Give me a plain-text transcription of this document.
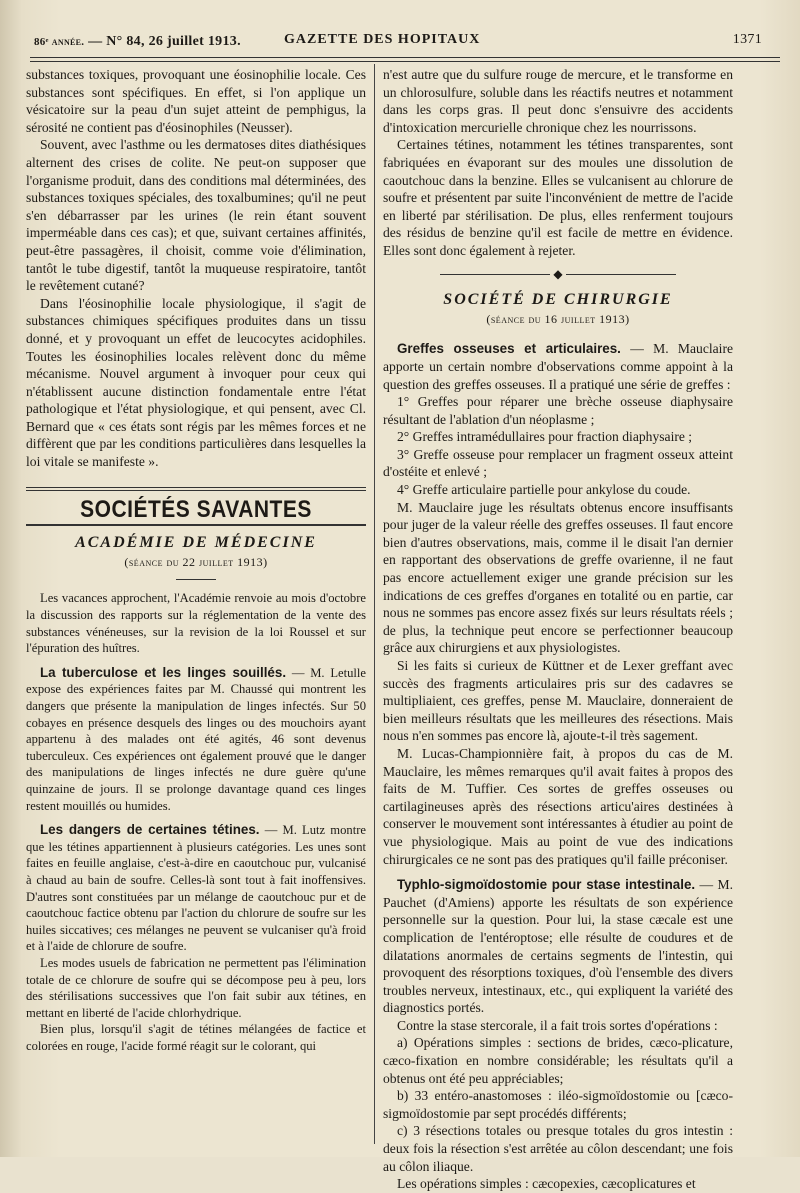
86ᵉ année. — N° 84, 26 juillet 1913.	GAZETTE DES HOPITAUX	1371

substances toxiques, provoquant une éosinophilie locale. Ces substances sont spécifiques. En effet, si l'on applique un vésicatoire sur la peau d'un sujet atteint de pemphigus, la sérosité ne contient pas d'éosinophiles (Neusser).

Souvent, avec l'asthme ou les dermatoses dites diathésiques alternent des crises de colite. Ne peut-on supposer que l'organisme produit, dans des conditions mal déterminées, des substances toxiques spéciales, des toxalbumines; qu'il ne peut s'en débarrasser par les urines (le rein étant souvent imperméable dans ces cas); et que, suivant certaines affinités, peut-être passagères, il choisit, comme voie d'élimination, tantôt le tube digestif, tantôt la muqueuse respiratoire, tantôt le revêtement cutané?

Dans l'éosinophilie locale physiologique, il s'agit de substances chimiques spécifiques produites dans un tissu donné, et y provoquant un effet de leucocytes acidophiles. Toutes les éosinophilies locales relèvent donc du même mécanisme. Nouvel argument à invoquer pour ceux qui n'établissent aucune distinction fondamentale entre l'état pathologique et l'état physiologique, et qui pensent, avec Cl. Bernard que « ces états sont régis par les mêmes forces et ne diffèrent que par les conditions particulières dans lesquelles la loi vitale se manifeste ».

SOCIÉTÉS SAVANTES
ACADÉMIE DE MÉDECINE
(séance du 22 juillet 1913)

Les vacances approchent, l'Académie renvoie au mois d'octobre la discussion des rapports sur la réglementation de la vente des substances vénéneuses, sur la revision de la loi Roussel et sur l'épuration des huîtres.

La tuberculose et les linges souillés. — M. Letulle expose des expériences faites par M. Chaussé qui montrent les dangers que présente la manipulation de linges infectés. Sur 50 cobayes en présence desquels des linges ou des mouchoirs ayant appartenu à des malades ont été agités, 46 sont devenus tuberculeux. Ces expériences ont également prouvé que le danger des manipulations de linges infectés ne dure guère qu'une quinzaine de jours. Il se prolonge davantage quand ces linges restent mouillés ou humides.

Les dangers de certaines tétines. — M. Lutz montre que les tétines appartiennent à plusieurs catégories. Les unes sont faites en feuille anglaise, c'est-à-dire en caoutchouc pur, vulcanisé à chaud au bain de soufre. Celles-là sont tout à fait inoffensives. D'autres sont constituées par un mélange de caoutchouc pur et de caoutchouc factice obtenu par l'action du chlorure de soufre sur les huiles siccatives; ces mélanges ne peuvent se vulcaniser qu'à froid et à l'aide de chlorure de soufre.

Les modes usuels de fabrication ne permettent pas l'élimination totale de ce chlorure de soufre qui se décompose peu à peu, lors des stérilisations successives que l'on fait subir aux tétines, en mettant en liberté de l'acide chlorhydrique.

Bien plus, lorsqu'il s'agit de tétines mélangées de factice et colorées en rouge, l'acide formé réagit sur le colorant, qui

n'est autre que du sulfure rouge de mercure, et le transforme en un chlorosulfure, soluble dans les réactifs neutres et notamment dans les corps gras. Il peut donc s'ensuivre des accidents d'intoxication mercurielle chronique chez les nourrissons.

Certaines tétines, notamment les tétines transparentes, sont fabriquées en évaporant sur des moules une dissolution de caoutchouc dans la benzine. Elles se vulcanisent au chlorure de soufre et présentent par suite l'inconvénient de mettre de l'acide en liberté par stérilisation. De plus, elles renferment toujours des résidus de benzine qu'il est facile de mettre en évidence. Elles sont donc également à rejeter.

◆
SOCIÉTÉ DE CHIRURGIE
(séance du 16 juillet 1913)

Greffes osseuses et articulaires. — M. Mauclaire apporte un certain nombre d'observations comme appoint à la question des greffes osseuses. Il a pratiqué une série de greffes :

1° Greffes pour réparer une brèche osseuse diaphysaire résultant de l'ablation d'un néoplasme ;

2° Greffes intramédullaires pour fraction diaphysaire ;

3° Greffe osseuse pour remplacer un fragment osseux atteint d'ostéite et enlevé ;

4° Greffe articulaire partielle pour ankylose du coude.

M. Mauclaire juge les résultats obtenus encore insuffisants pour juger de la valeur réelle des greffes osseuses. Il faut encore bien d'autres observations, mais, comme il le disait l'an dernier en rapportant des observations de greffe ovarienne, il ne faut pas encore actuellement exiger une grande précision sur les indications de ces greffes d'organes en totalité ou en partie, car nous ne sommes pas encore assez fixés sur leurs résultats réels ; de plus, la technique peut encore se perfectionner beaucoup grâce aux chirurgiens et aux physiologistes.

Si les faits si curieux de Küttner et de Lexer greffant avec succès des fragments articulaires pris sur des cadavres se multipliaient, ces greffes, pense M. Mauclaire, donneraient de bien meilleurs résultats que les meilleures des résections. Mais nous n'en sommes pas encore là, ajoute-t-il très sagement.

M. Lucas-Championnière fait, à propos du cas de M. Mauclaire, les mêmes remarques qu'il avait faites à propos des faits de M. Tuffier. Ces sortes de greffes osseuses ou cartilagineuses après des résections articu'aires destinées à conserver le mouvement sont intéressantes à étudier au point de vue physiologique. Mais au point de vue des indications chirurgicales ce ne sont pas des pratiques qu'il faille préconiser.

Typhlo-sigmoïdostomie pour stase intestinale. — M. Pauchet (d'Amiens) apporte les résultats de son expérience personnelle sur la question. Pour lui, la stase cæcale est une complication de l'entéroptose; elle résulte de coudures et de dilatations anormales de certains segments de l'intestin, qui provoquent des résorptions toxiques, d'où l'ensemble des divers troubles nerveux, intestinaux, etc., qui expliquent la variété des diagnostics portés.

Contre la stase stercorale, il a fait trois sortes d'opérations :

a) Opérations simples : sections de brides, cæco-plicature, cæco-fixation en nombre considérable; les résultats qu'il a obtenus ont été peu appréciables;

b) 33 entéro-anastomoses : iléo-sigmoïdostomie ou [cæco-sigmoïdostomie par sept procédés différents;

c) 3 résections totales ou presque totales du gros intestin : deux fois la résection s'est arrêtée au côlon descendant; une fois au côlon iliaque.

Les opérations simples : cæcopexies, cæcoplicatures et
